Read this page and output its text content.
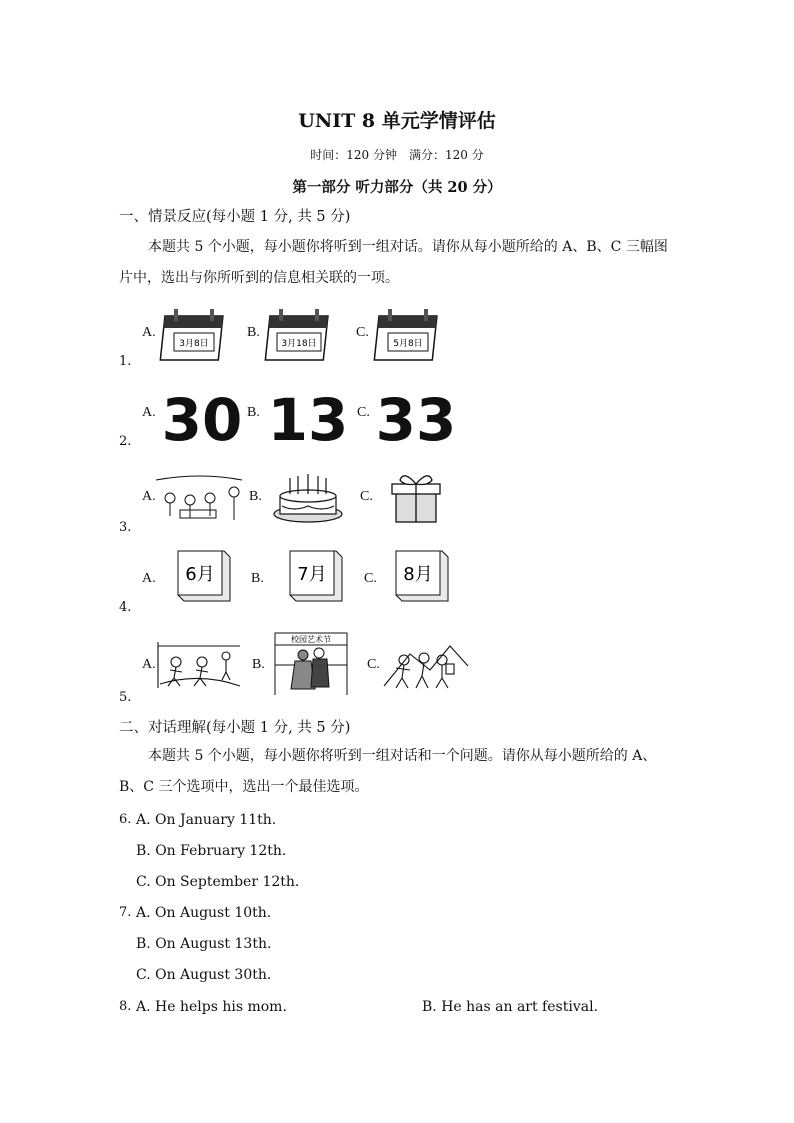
UNIT 8 单元学情评估
时间：120 分钟　满分：120 分
第一部分 听力部分（共 20 分）
一、情景反应(每小题 1 分, 共 5 分)
本题共 5 个小题，每小题你将听到一组对话。请你从每小题所给的 A、B、C 三幅图片中，选出与你所听到的信息相关联的一项。
1.
A.
3月8日
B.
3月18日
C.
5月8日
2.
A. 30 B. 13 C. 33
3.
A.	B.	C.
4.
A. 6月	B. 7月	C. 8月
5.
A.	B.
校园艺术节
C.
二、对话理解(每小题 1 分, 共 5 分)
本题共 5 个小题，每小题你将听到一组对话和一个问题。请你从每小题所给的 A、B、C 三个选项中，选出一个最佳选项。
6. A. On January 11th.
B. On February 12th.
C. On September 12th.
7. A. On August 10th.
B. On August 13th.
C. On August 30th.
8. A. He helps his mom.	B. He has an art festival.
